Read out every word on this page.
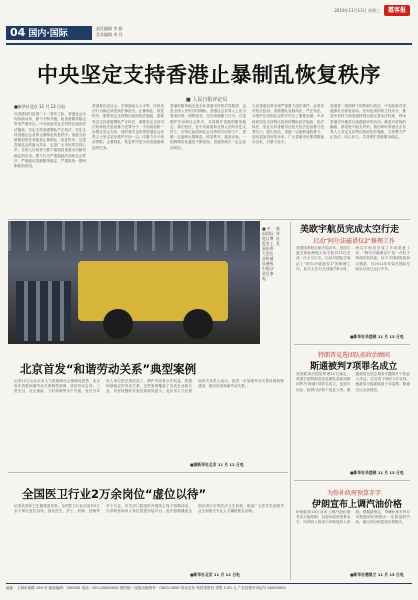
04 国内·国际
责任编辑 李 娟
美术编辑 李 丹
2019年11月13日 星期三	霞客报
中央坚定支持香港止暴制乱恢复秩序
■ 人民日报评论员
■新华社北京 11 月 12 日电
在香港回归祖国二十二周年之际，香港社会出现持续动荡，暴力不断升级，给香港繁荣稳定带来严重冲击。中央政府坚定支持特区政府依法施政，坚定支持香港警队严正执法，坚定支持香港社会各界止暴制乱恢复秩序。香港当前最紧迫的任务就是止暴制乱、恢复秩序。这是香港社会的最大共识，也是广大市民的共同心声。任何人任何势力都不能阻挡香港走向繁荣稳定的步伐。暴力行为严重践踏法治和社会秩序，严重破坏香港繁荣稳定，严重挑战一国两制原则底线。
香港是法治社会，法律面前人人平等，任何违法行为都必须受到法律追究。止暴制乱、恢复秩序，需要坚定支持特区政府依法施政，需要坚定支持香港警队严正执法，需要坚定支持司法机构依法惩治暴力犯罪分子。中央政府将一如既往坚定支持，同时我们也希望香港社会各界人士坚定站在维护法治一边，同暴力分子划清界限。止暴制乱、恢复秩序是当前香港最紧迫的任务。
香港的繁荣稳定是全体香港市民的共同愿望，也是全国人民的共同期盼。香港社会各界人士应当看清形势，明辨是非，坚决抵制暴力行为，自觉维护法治和社会秩序，共同维护香港的繁荣稳定。我们坚信，在中央政府和全国人民的坚定支持下，在特区政府和社会各界的共同努力下，香港一定能够止暴制乱、恢复秩序，重回正轨。一国两制的优越性不断显现，香港的明天一定会更加美好。
当前香港局势出现严重暴力违法事件，必须坚决依法惩治。香港警队克制执法、严正执法，为维护法治和社会秩序作出了重要贡献。中央政府坚定支持特区政府和警队依法施政、依法执法，坚定支持香港司法机关依法惩治暴力犯罪分子。我们坚信，香港一定能够战胜暴力，迎来更加美好的未来。广大香港市民要勇敢地站出来，对暴力说不。
香港是一国两制下的特别行政区，中央政府对香港拥有全面管治权。任何危害国家主权安全、挑战中央权力和香港特别行政区基本法权威、利用香港对内地进行渗透破坏的活动，都是对底线的触碰，都是绝不能允许的。我们呼吁香港社会各界人士坚定支持特区政府依法施政，支持警方严正执法，同心协力，共同维护香港繁荣稳定。
■ 中国国际进口博览会上展出的大型农业机械设备吸引观众驻足参观
新华社发
北京首发“和谐劳动关系”典型案例
记者12日从北京市人力资源和社会保障局获悉，北京发布首批和谐劳动关系典型案例，涉及劳动合同、工资支付、社会保险、工时休假等多个方面，旨在引导用人单位依法规范用工，维护劳动者合法权益，构建和谐稳定的劳动关系。这些案例覆盖了各类企业和行业，具有较强的代表性和指导意义。北京市人力社保局有关负责人表示，将进一步加强劳动关系协调机制建设，推动形成和谐劳动关系。
■据新华社北京 11 月 12 日电
全国医卫行业2万余岗位“虚位以待”
记者从国家卫生健康委获悉，全国医卫行业目前有2万余个岗位虚位以待，涉及医生、护士、药师、技师等多个专业。有关部门将组织开展线上线下招聘活动，为求职者和用人单位搭建对接平台。此次招聘涵盖全国各省区市的医疗卫生机构，欢迎广大医学类高校毕业生和相关专业人才踊跃报名应聘。
■新华社北京 11 月 12 日电
美欧宇航员完成太空行走
启动“阿尔法磁谱仪2”修理工作
美国国家航空航天局宣布，美国宇航员和欧洲航天局宇航员15日完成一次太空行走，启动对国际空间站上“阿尔法磁谱仪2”的修理工作。此次太空行走持续约6小时，两名宇航员完成了多项准备工作。“阿尔法磁谱仪2”是一台粒子物理实验设备，用于寻找暗物质和反物质，自2011年安装在国际空间站以来已运行多年。
■新华社华盛顿 11 月 15 日电
特朗普竞选团队前政治顾问
斯通被判7项罪名成立
美国联邦法院陪审团15日裁定，美国总统特朗普竞选团队前政治顾问罗杰·斯通7项罪名成立，包括作伪证、妨碍司法和干扰证人等。斯通被指在国会调查中撒谎并干扰证人作证。法官将于明年2月宣判，他最高可能面临数十年监禁。斯通否认全部指控。
■新华社华盛顿 11 月 15 日电
为弥补政府预算赤字
伊朗宣布上调汽油价格
伊朗政府15日宣布上调汽油价格并实行配给制，以弥补政府预算赤字，所得收入将用于补贴低收入家庭。根据新规定，每辆私家车每月可按配给价格购买一定数量的汽油，超出部分按更高价格购买。
■新华社德黑兰 11 月 15 日电
地址：上海市某路 100 号 邮政编码：200000 电话：021-00000000 国内统一连续出版物号：CN31-0000 每月定价 每份零售价 零售 1.00 元 广告经营许可证号 00000000
